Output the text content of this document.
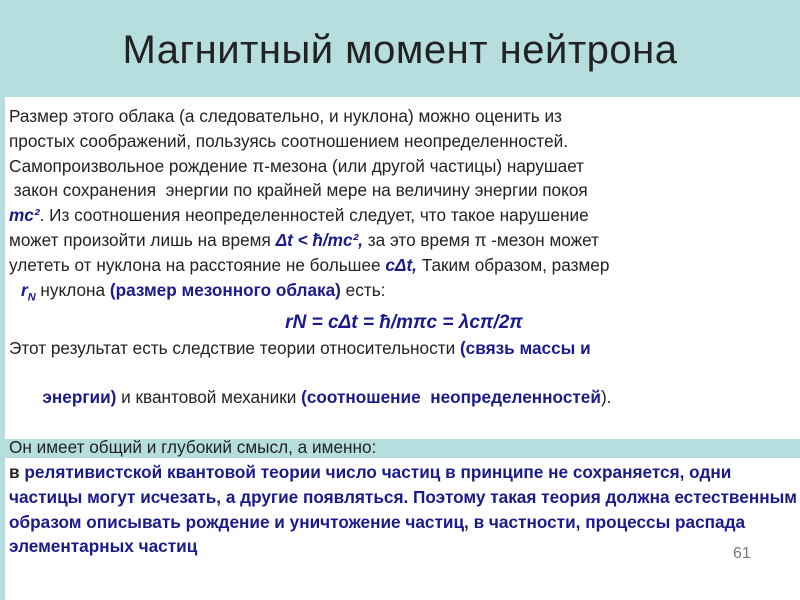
Магнитный момент нейтрона
Размер этого облака (а следовательно, и нуклона) можно оценить из
простых соображений, пользуясь соотношением неопределенностей.
Самопроизвольное рождение π-мезона (или другой частицы) нарушает
закон сохранения  энергии по крайней мере на величину энергии покоя
mc². Из соотношения неопределенностей следует, что такое нарушение
может произойти лишь на время Δt < ħ/mc², за это время π -мезон может
улететь от нуклона на расстояние не большее cΔt, Таким образом, размер
$r_N$ нуклона (размер мезонного облака) есть:
rN = cΔt = ħ/mπc = λcπ/2π
Этот результат есть следствие теории относительности (связь массы и

энергии) и квантовой механики (соотношение  неопределенностей).

Он имеет общий и глубокий смысл, а именно:
в релятивистской квантовой теории число частиц в принципе не сохраняется, одни частицы могут исчезать, а другие появляться. Поэтому такая теория должна естественным образом описывать рождение и уничтожение частиц, в частности, процессы распада элементарных частиц	61
